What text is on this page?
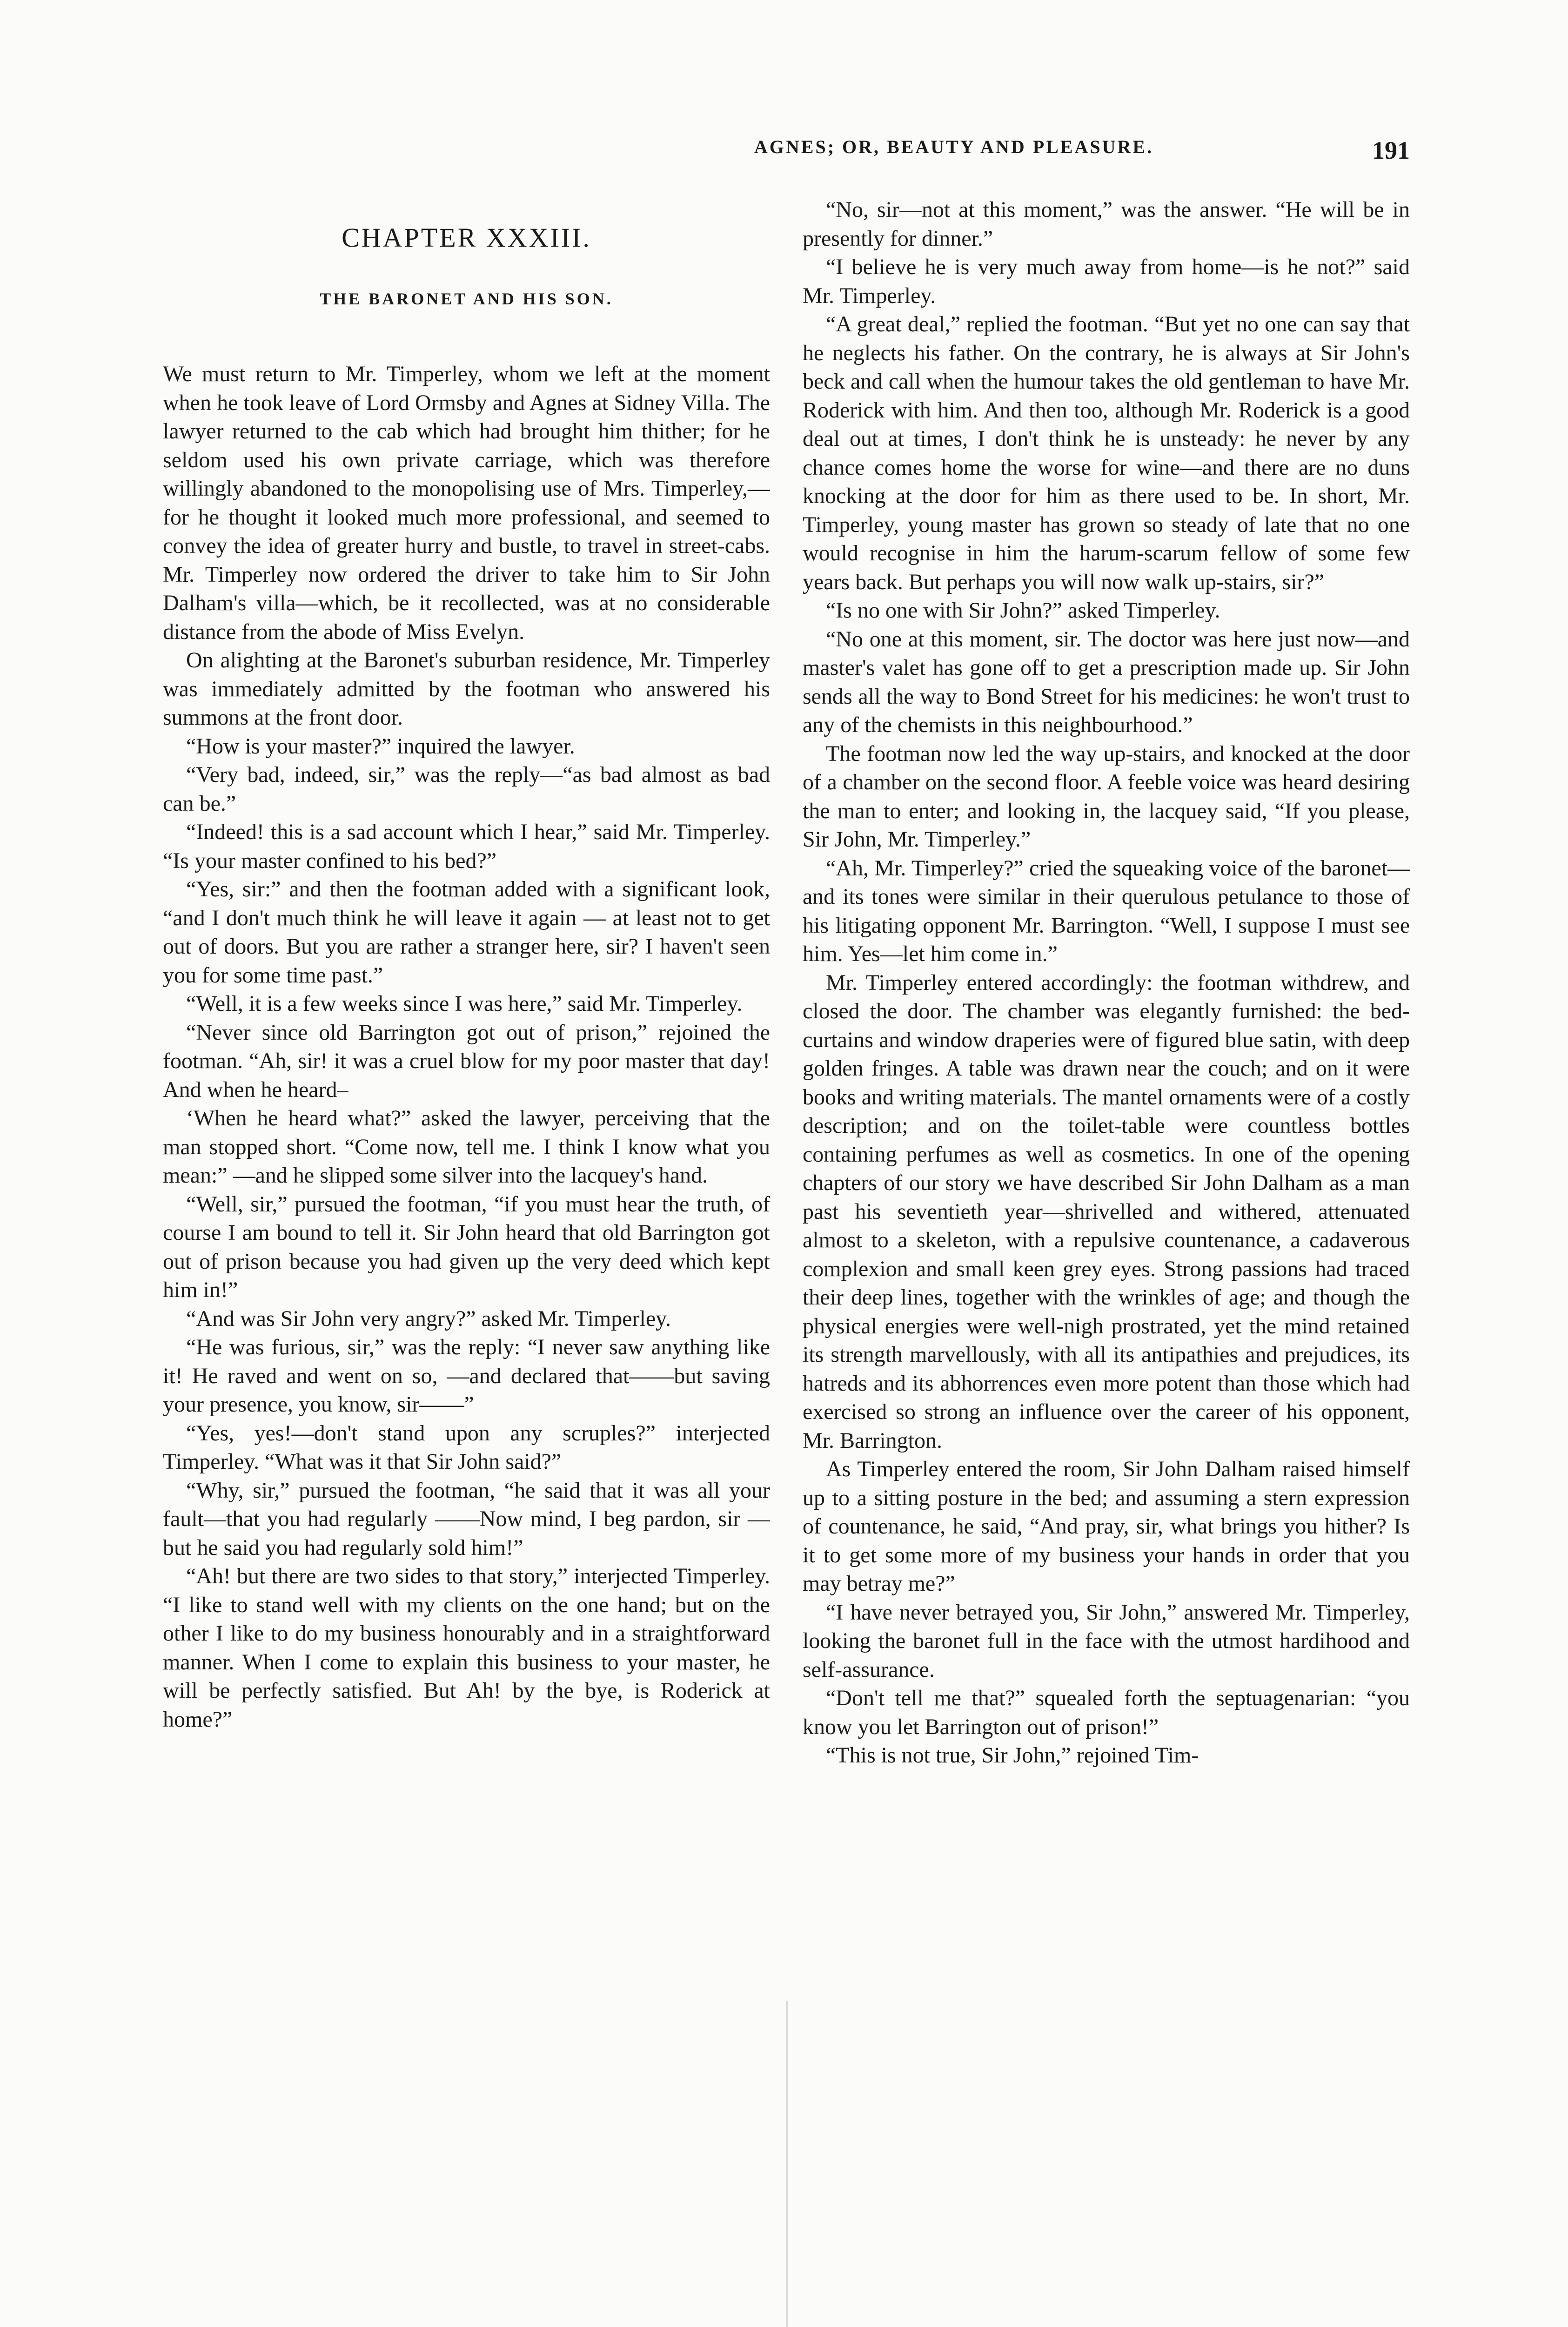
AGNES; OR, BEAUTY AND PLEASURE.	191
CHAPTER XXXIII.
THE BARONET AND HIS SON.

We must return to Mr. Timperley, whom we left at the moment when he took leave of Lord Ormsby and Agnes at Sidney Villa. The lawyer returned to the cab which had brought him thither; for he seldom used his own private carriage, which was therefore willingly abandoned to the monopolising use of Mrs. Timperley,—for he thought it looked much more professional, and seemed to convey the idea of greater hurry and bustle, to travel in street-cabs. Mr. Timperley now ordered the driver to take him to Sir John Dalham's villa—which, be it recollected, was at no considerable distance from the abode of Miss Evelyn.

On alighting at the Baronet's suburban residence, Mr. Timperley was immediately admitted by the footman who answered his summons at the front door.

“How is your master?” inquired the lawyer.

“Very bad, indeed, sir,” was the reply—“as bad almost as bad can be.”

“Indeed! this is a sad account which I hear,” said Mr. Timperley. “Is your master confined to his bed?”

“Yes, sir:” and then the footman added with a significant look, “and I don't much think he will leave it again — at least not to get out of doors. But you are rather a stranger here, sir? I haven't seen you for some time past.”

“Well, it is a few weeks since I was here,” said Mr. Timperley.

“Never since old Barrington got out of prison,” rejoined the footman. “Ah, sir! it was a cruel blow for my poor master that day! And when he heard–

‘When he heard what?” asked the lawyer, perceiving that the man stopped short. “Come now, tell me. I think I know what you mean:” —and he slipped some silver into the lacquey's hand.

“Well, sir,” pursued the footman, “if you must hear the truth, of course I am bound to tell it. Sir John heard that old Barrington got out of prison because you had given up the very deed which kept him in!”

“And was Sir John very angry?” asked Mr. Timperley.

“He was furious, sir,” was the reply: “I never saw anything like it! He raved and went on so, —and declared that——but saving your presence, you know, sir——”

“Yes, yes!—don't stand upon any scruples?” interjected Timperley. “What was it that Sir John said?”

“Why, sir,” pursued the footman, “he said that it was all your fault—that you had regularly ——Now mind, I beg pardon, sir — but he said you had regularly sold him!”

“Ah! but there are two sides to that story,” interjected Timperley. “I like to stand well with my clients on the one hand; but on the other I like to do my business honourably and in a straightforward manner. When I come to explain this business to your master, he will be perfectly satisfied. But Ah! by the bye, is Roderick at home?”

“No, sir—not at this moment,” was the answer. “He will be in presently for dinner.”

“I believe he is very much away from home—is he not?” said Mr. Timperley.

“A great deal,” replied the footman. “But yet no one can say that he neglects his father. On the contrary, he is always at Sir John's beck and call when the humour takes the old gentleman to have Mr. Roderick with him. And then too, although Mr. Roderick is a good deal out at times, I don't think he is unsteady: he never by any chance comes home the worse for wine—and there are no duns knocking at the door for him as there used to be. In short, Mr. Timperley, young master has grown so steady of late that no one would recognise in him the harum-scarum fellow of some few years back. But perhaps you will now walk up-stairs, sir?”

“Is no one with Sir John?” asked Timperley.

“No one at this moment, sir. The doctor was here just now—and master's valet has gone off to get a prescription made up. Sir John sends all the way to Bond Street for his medicines: he won't trust to any of the chemists in this neighbourhood.”

The footman now led the way up-stairs, and knocked at the door of a chamber on the second floor. A feeble voice was heard desiring the man to enter; and looking in, the lacquey said, “If you please, Sir John, Mr. Timperley.”

“Ah, Mr. Timperley?” cried the squeaking voice of the baronet—and its tones were similar in their querulous petulance to those of his litigating opponent Mr. Barrington. “Well, I suppose I must see him. Yes—let him come in.”

Mr. Timperley entered accordingly: the footman withdrew, and closed the door. The chamber was elegantly furnished: the bed-curtains and window draperies were of figured blue satin, with deep golden fringes. A table was drawn near the couch; and on it were books and writing materials. The mantel ornaments were of a costly description; and on the toilet-table were countless bottles containing perfumes as well as cosmetics. In one of the opening chapters of our story we have described Sir John Dalham as a man past his seventieth year—shrivelled and withered, attenuated almost to a skeleton, with a repulsive countenance, a cadaverous complexion and small keen grey eyes. Strong passions had traced their deep lines, together with the wrinkles of age; and though the physical energies were well-nigh prostrated, yet the mind retained its strength marvellously, with all its antipathies and prejudices, its hatreds and its abhorrences even more potent than those which had exercised so strong an influence over the career of his opponent, Mr. Barrington.

As Timperley entered the room, Sir John Dalham raised himself up to a sitting posture in the bed; and assuming a stern expression of countenance, he said, “And pray, sir, what brings you hither? Is it to get some more of my business your hands in order that you may betray me?”

“I have never betrayed you, Sir John,” answered Mr. Timperley, looking the baronet full in the face with the utmost hardihood and self-assurance.

“Don't tell me that?” squealed forth the septuagenarian: “you know you let Barrington out of prison!”

“This is not true, Sir John,” rejoined Tim-
